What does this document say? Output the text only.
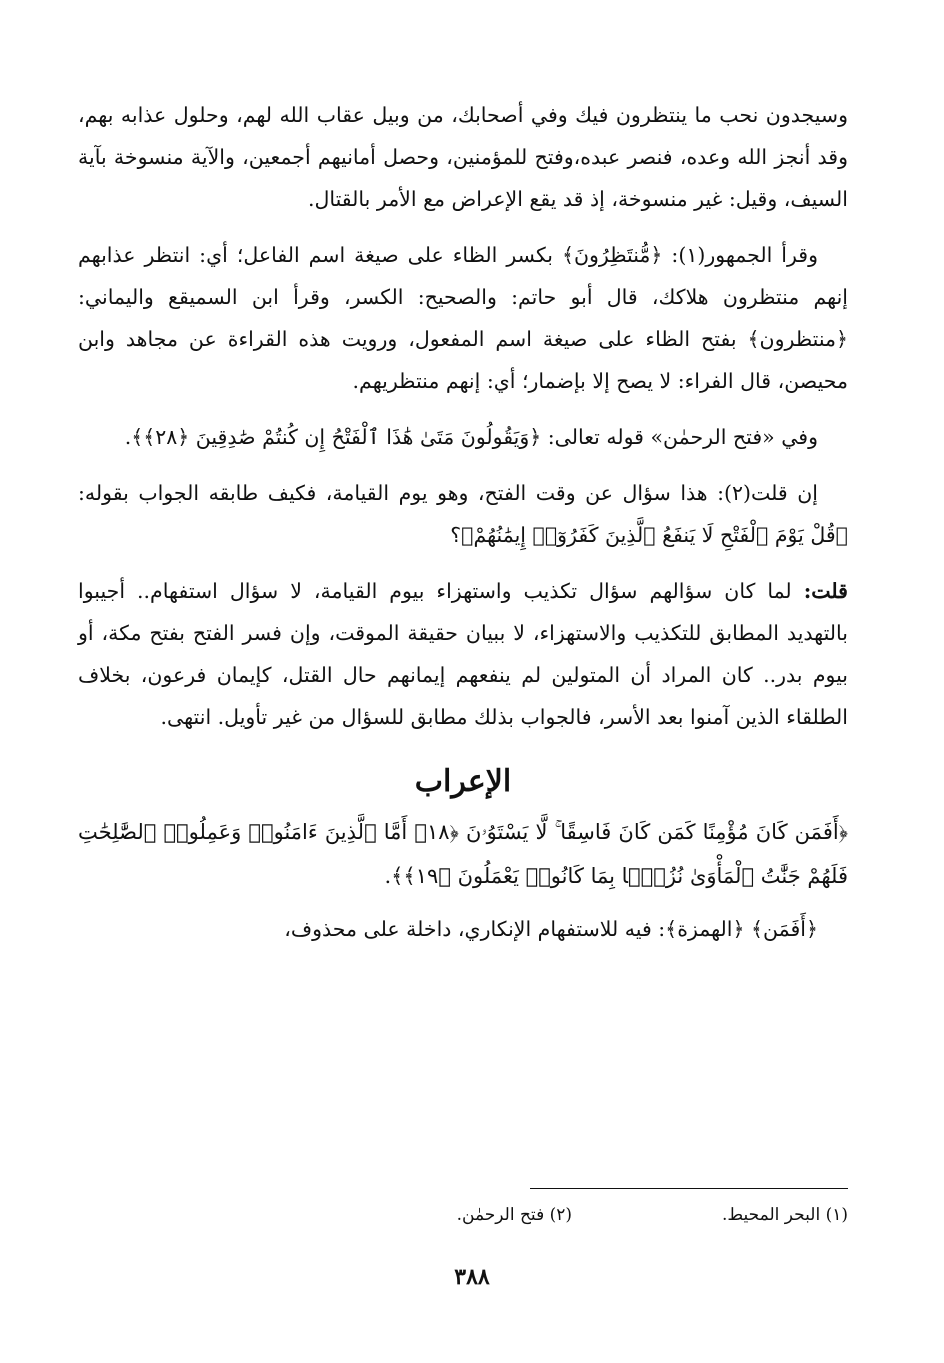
وسيجدون نحب ما ينتظرون فيك وفي أصحابك، من وبيل عقاب الله لهم، وحلول عذابه بهم، وقد أنجز الله وعده، فنصر عبده،وفتح للمؤمنين، وحصل أمانيهم أجمعين، والآية منسوخة بآية السيف، وقيل: غير منسوخة، إذ قد يقع الإعراض مع الأمر بالقتال.

وقرأ الجمهور(١): ﴿مُّنتَظِرُونَ﴾ بكسر الظاء على صيغة اسم الفاعل؛ أي: انتظر عذابهم إنهم منتظرون هلاكك، قال أبو حاتم: والصحيح: الكسر، وقرأ ابن السميقع واليماني: ﴿منتظرون﴾ بفتح الظاء على صيغة اسم المفعول، ورويت هذه القراءة عن مجاهد وابن محيصن، قال الفراء: لا يصح إلا بإضمار؛ أي: إنهم منتظريهم.

وفي «فتح الرحمٰن» قوله تعالى: ﴿وَيَقُولُونَ مَتَىٰ هَٰذَا ٱلْفَتْحُ إِن كُنتُمْ صَٰدِقِينَ ﴿٢٨﴾﴾.

إن قلت(٢): هذا سؤال عن وقت الفتح، وهو يوم القيامة، فكيف طابقه الجواب بقوله: ﴿قُلْ يَوْمَ ٱلْفَتْحِ لَا يَنفَعُ ٱلَّذِينَ كَفَرُوٓا۟ إِيمَٰنُهُمْ﴾؟

قلت: لما كان سؤالهم سؤال تكذيب واستهزاء بيوم القيامة، لا سؤال استفهام.. أجيبوا بالتهديد المطابق للتكذيب والاستهزاء، لا ببيان حقيقة الموقت، وإن فسر الفتح بفتح مكة، أو بيوم بدر.. كان المراد أن المتولين لم ينفعهم إيمانهم حال القتل، كإيمان فرعون، بخلاف الطلقاء الذين آمنوا بعد الأسر، فالجواب بذلك مطابق للسؤال من غير تأويل. انتهى.

الإعراب
﴿أَفَمَن كَانَ مُؤْمِنًا كَمَن كَانَ فَاسِقًا ۚ لَّا يَسْتَوُۥنَ ﴿١٨﴾ أَمَّا ٱلَّذِينَ ءَامَنُوا۟ وَعَمِلُوا۟ ٱلصَّٰلِحَٰتِ فَلَهُمْ جَنَّٰتُ ٱلْمَأْوَىٰ نُزُلًۢا بِمَا كَانُوا۟ يَعْمَلُونَ ﴿١٩﴾﴾.

﴿أَفَمَن﴾ ﴿الهمزة﴾: فيه للاستفهام الإنكاري، داخلة على محذوف،

(١) البحر المحيط.
(٢) فتح الرحمٰن.
٣٨٨
